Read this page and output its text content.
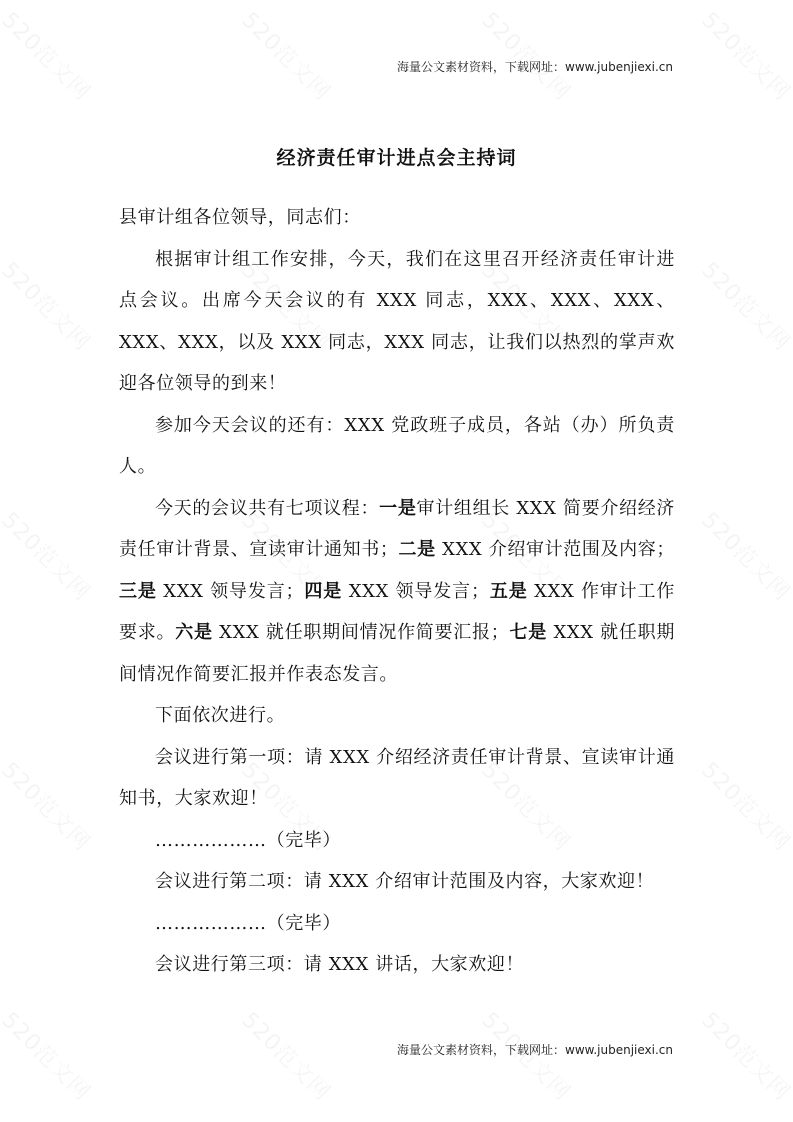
海量公文素材资料，下载网址：www.jubenjiexi.cn
经济责任审计进点会主持词

县审计组各位领导，同志们：

根据审计组工作安排，今天，我们在这里召开经济责任审计进点会议。出席今天会议的有 XXX 同志，XXX、XXX、XXX、XXX、XXX，以及 XXX 同志，XXX 同志，让我们以热烈的掌声欢迎各位领导的到来！

参加今天会议的还有：XXX 党政班子成员，各站（办）所负责人。

今天的会议共有七项议程：一是审计组组长 XXX 简要介绍经济责任审计背景、宣读审计通知书；二是 XXX 介绍审计范围及内容；三是 XXX 领导发言；四是 XXX 领导发言；五是 XXX 作审计工作要求。六是 XXX 就任职期间情况作简要汇报；七是 XXX 就任职期间情况作简要汇报并作表态发言。

下面依次进行。

会议进行第一项：请 XXX 介绍经济责任审计背景、宣读审计通知书，大家欢迎！

………………（完毕）

会议进行第二项：请 XXX 介绍审计范围及内容，大家欢迎！

………………（完毕）

会议进行第三项：请 XXX 讲话，大家欢迎！

海量公文素材资料，下载网址：www.jubenjiexi.cn
